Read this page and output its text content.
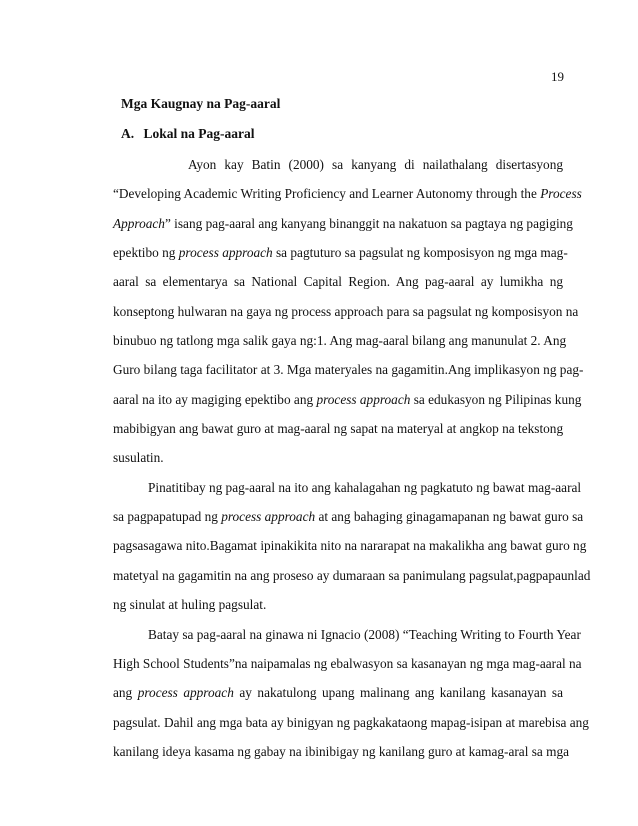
19
Mga Kaugnay na Pag-aaral
A. Lokal na Pag-aaral
Ayon kay Batin (2000) sa kanyang di nailathalang disertasyong
“Developing Academic Writing Proficiency and Learner Autonomy through the Process
Approach” isang pag-aaral ang kanyang binanggit na nakatuon sa pagtaya ng pagiging
epektibo ng process approach sa pagtuturo sa pagsulat ng komposisyon ng mga mag-
aaral sa elementarya sa National Capital Region. Ang pag-aaral ay lumikha ng
konseptong hulwaran na gaya ng process approach para sa pagsulat ng komposisyon na
binubuo ng tatlong mga salik gaya ng:1. Ang mag-aaral bilang ang manunulat 2. Ang
Guro bilang taga facilitator at 3. Mga materyales na gagamitin.Ang implikasyon ng pag-
aaral na ito ay magiging epektibo ang process approach sa edukasyon ng Pilipinas kung
mabibigyan ang bawat guro at mag-aaral ng sapat na materyal at angkop na tekstong
susulatin.
Pinatitibay ng pag-aaral na ito ang kahalagahan ng pagkatuto ng bawat mag-aaral
sa pagpapatupad ng process approach at ang bahaging ginagamapanan ng bawat guro sa
pagsasagawa nito.Bagamat ipinakikita nito na nararapat na makalikha ang bawat guro ng
matetyal na gagamitin na ang proseso ay dumaraan sa panimulang pagsulat,pagpapaunlad
ng sinulat at huling pagsulat.
Batay sa pag-aaral na ginawa ni Ignacio (2008) “Teaching Writing to Fourth Year
High School Students”na naipamalas ng ebalwasyon sa kasanayan ng mga mag-aaral na
ang process approach ay nakatulong upang malinang ang kanilang kasanayan sa
pagsulat. Dahil ang mga bata ay binigyan ng pagkakataong mapag-isipan at marebisa ang
kanilang ideya kasama ng gabay na ibinibigay ng kanilang guro at kamag-aral sa mga
